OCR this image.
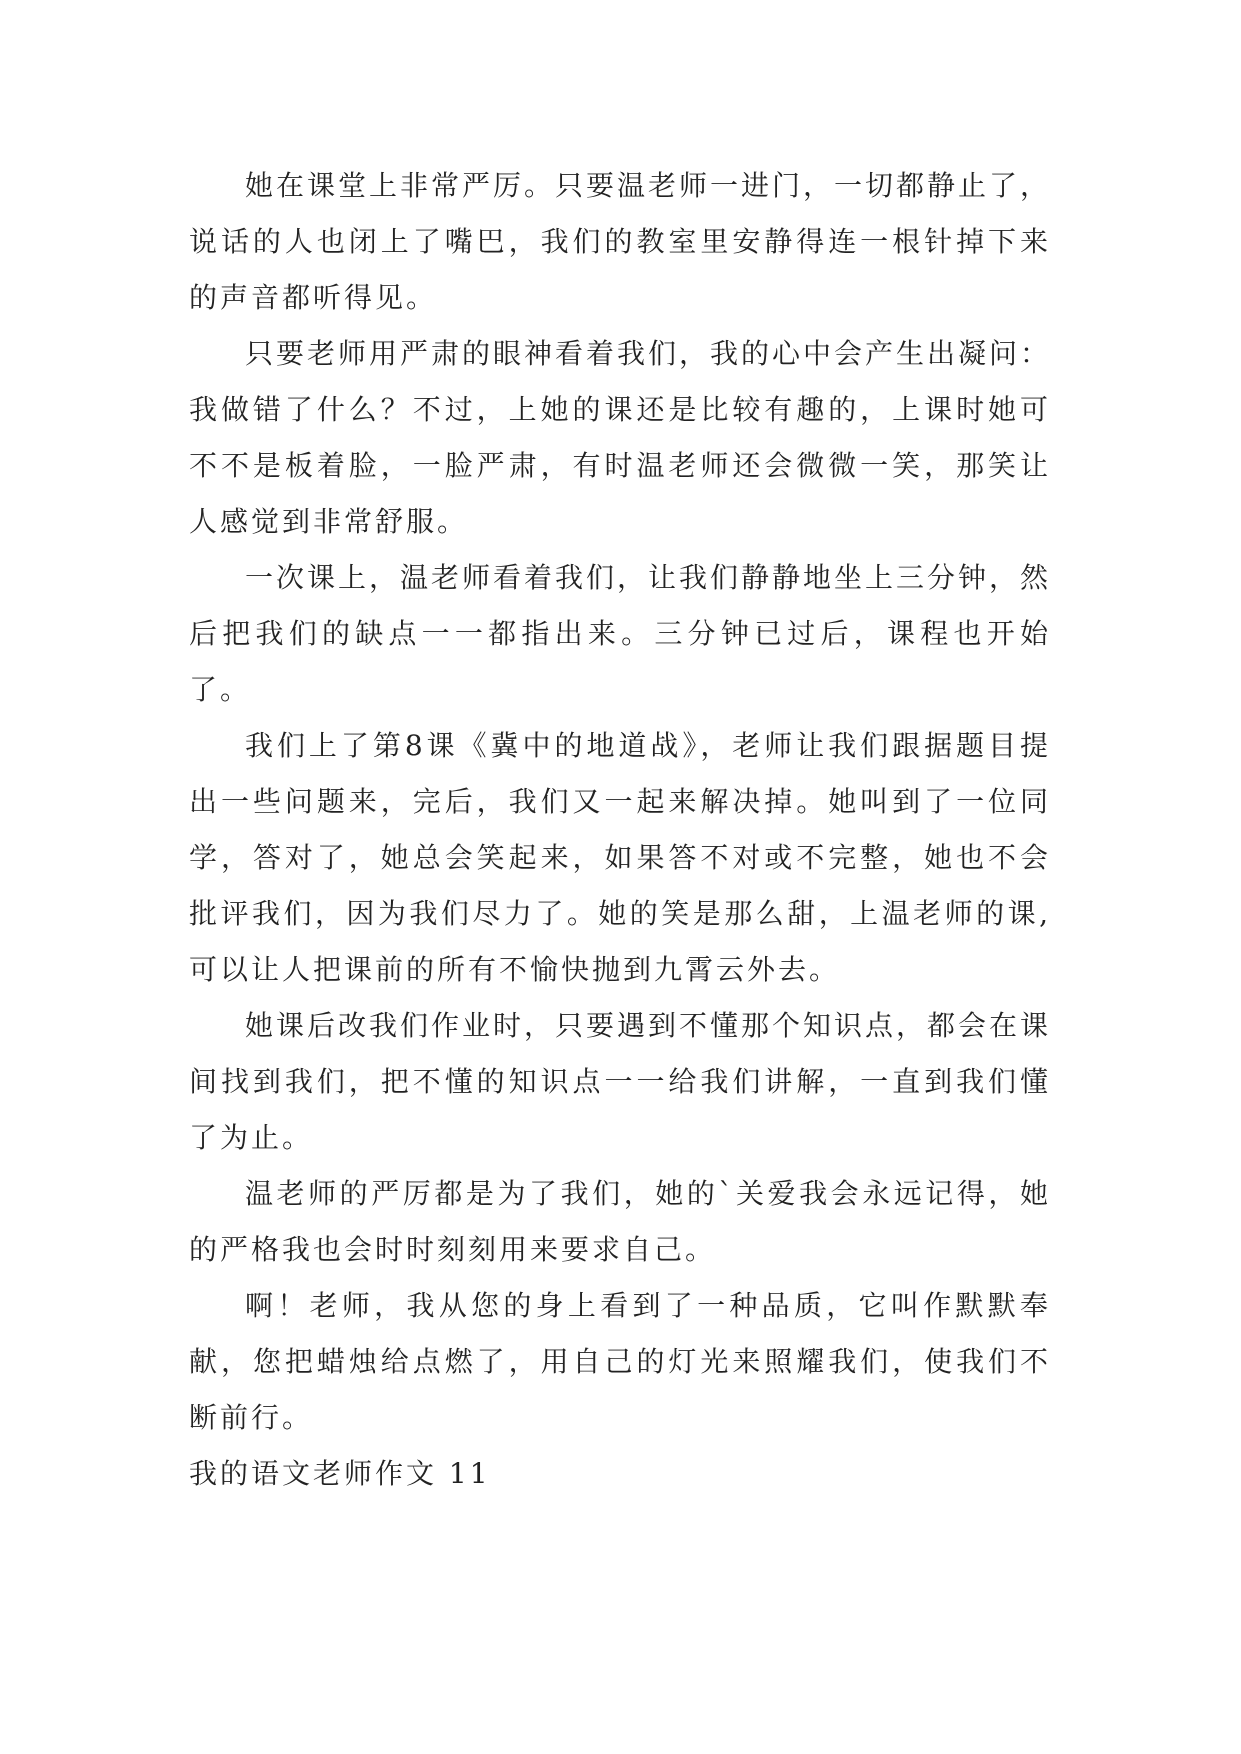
她在课堂上非常严厉。只要温老师一进门，一切都静止了，说话的人也闭上了嘴巴，我们的教室里安静得连一根针掉下来的声音都听得见。

只要老师用严肃的眼神看着我们，我的心中会产生出凝问：我做错了什么？不过，上她的课还是比较有趣的，上课时她可不不是板着脸，一脸严肃，有时温老师还会微微一笑，那笑让人感觉到非常舒服。

一次课上，温老师看着我们，让我们静静地坐上三分钟，然后把我们的缺点一一都指出来。三分钟已过后，课程也开始了。

我们上了第8课《冀中的地道战》，老师让我们跟据题目提出一些问题来，完后，我们又一起来解决掉。她叫到了一位同学，答对了，她总会笑起来，如果答不对或不完整，她也不会批评我们，因为我们尽力了。她的笑是那么甜，上温老师的课,可以让人把课前的所有不愉快抛到九霄云外去。

她课后改我们作业时，只要遇到不懂那个知识点，都会在课间找到我们，把不懂的知识点一一给我们讲解，一直到我们懂了为止。

温老师的严厉都是为了我们，她的`关爱我会永远记得，她的严格我也会时时刻刻用来要求自己。

啊！老师，我从您的身上看到了一种品质，它叫作默默奉献，您把蜡烛给点燃了，用自己的灯光来照耀我们，使我们不断前行。

我的语文老师作文 11
